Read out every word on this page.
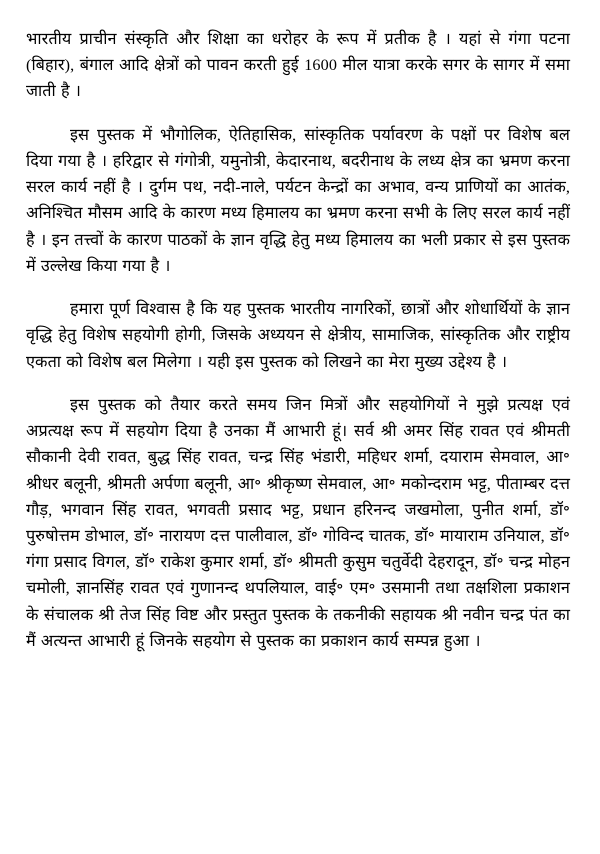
भारतीय प्राचीन संस्कृति और शिक्षा का धरोहर के रूप में प्रतीक है । यहां से गंगा पटना (बिहार), बंगाल आदि क्षेत्रों को पावन करती हुई 1600 मील यात्रा करके सगर के सागर में समा जाती है ।

इस पुस्तक में भौगोलिक, ऐतिहासिक, सांस्कृतिक पर्यावरण के पक्षों पर विशेष बल दिया गया है । हरिद्वार से गंगोत्री, यमुनोत्री, केदारनाथ, बदरीनाथ के लध्य क्षेत्र का भ्रमण करना सरल कार्य नहीं है । दुर्गम पथ, नदी-नाले, पर्यटन केन्द्रों का अभाव, वन्य प्राणियों का आतंक, अनिश्चित मौसम आदि के कारण मध्य हिमालय का भ्रमण करना सभी के लिए सरल कार्य नहीं है । इन तत्त्वों के कारण पाठकों के ज्ञान वृद्धि हेतु मध्य हिमालय का भली प्रकार से इस पुस्तक में उल्लेख किया गया है ।

हमारा पूर्ण विश्वास है कि यह पुस्तक भारतीय नागरिकों, छात्रों और शोधार्थियों के ज्ञान वृद्धि हेतु विशेष सहयोगी होगी, जिसके अध्ययन से क्षेत्रीय, सामाजिक, सांस्कृतिक और राष्ट्रीय एकता को विशेष बल मिलेगा । यही इस पुस्तक को लिखने का मेरा मुख्य उद्देश्य है ।

इस पुस्तक को तैयार करते समय जिन मित्रों और सहयोगियों ने मुझे प्रत्यक्ष एवं अप्रत्यक्ष रूप में सहयोग दिया है उनका मैं आभारी हूं। सर्व श्री अमर सिंह रावत एवं श्रीमती सौकानी देवी रावत, बुद्ध सिंह रावत, चन्द्र सिंह भंडारी, महिधर शर्मा, दयाराम सेमवाल, आ॰ श्रीधर बलूनी, श्रीमती अर्पणा बलूनी, आ॰ श्रीकृष्ण सेमवाल, आ॰ मकोन्दराम भट्ट, पीताम्बर दत्त गौड़, भगवान सिंह रावत, भगवती प्रसाद भट्ट, प्रधान हरिनन्द जखमोला, पुनीत शर्मा, डॉ॰ पुरुषोत्तम डोभाल, डॉ॰ नारायण दत्त पालीवाल, डॉ॰ गोविन्द चातक, डॉ॰ मायाराम उनियाल, डॉ॰ गंगा प्रसाद विगल, डॉ॰ राकेश कुमार शर्मा, डॉ॰ श्रीमती कुसुम चतुर्वेदी देहरादून, डॉ॰ चन्द्र मोहन चमोली, ज्ञानसिंह रावत एवं गुणानन्द थपलियाल, वाई॰ एम॰ उसमानी तथा तक्षशिला प्रकाशन के संचालक श्री तेज सिंह विष्ट और प्रस्तुत पुस्तक के तकनीकी सहायक श्री नवीन चन्द्र पंत का मैं अत्यन्त आभारी हूं जिनके सहयोग से पुस्तक का प्रकाशन कार्य सम्पन्न हुआ ।
